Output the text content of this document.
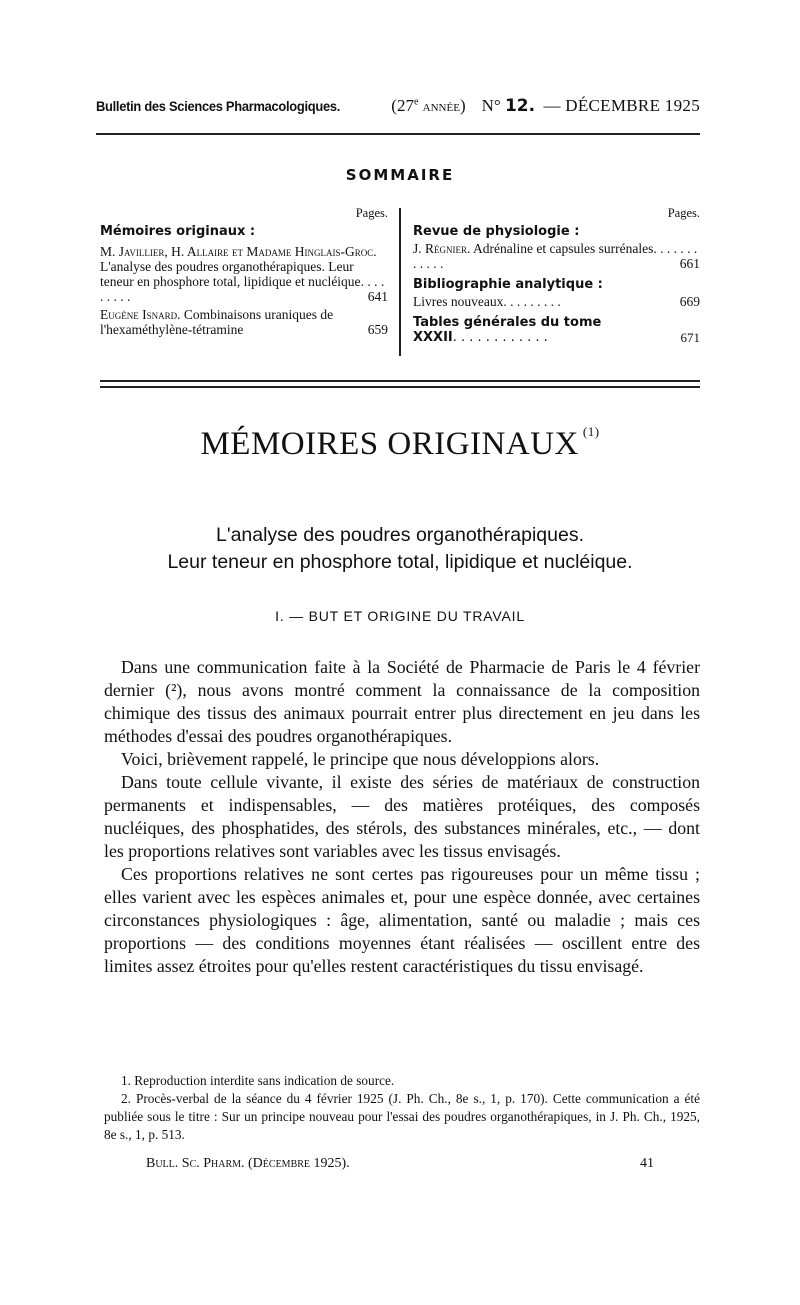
Bulletin des Sciences Pharmacologiques.	(27e année) N° 12. — DÉCEMBRE 1925
SOMMAIRE
Pages.
Mémoires originaux :
M. Javillier, H. Allaire et Madame Hinglais-Groc. L'analyse des poudres organothérapiques. Leur teneur en phosphore total, lipidique et nucléique. . . . . . . . .	641
Eugène Isnard. Combinaisons uraniques de l'hexaméthylène-tétramine	659
Pages.
Revue de physiologie :
J. Régnier. Adrénaline et capsules surrénales. . . . . . . . . . . .	661
Bibliographie analytique :
Livres nouveaux. . . . . . . . .	669
Tables générales du tome
XXXII. . . . . . . . . . . .	671
MÉMOIRES ORIGINAUX $^{(1)}$
L'analyse des poudres organothérapiques.
Leur teneur en phosphore total, lipidique et nucléique.
I. — BUT ET ORIGINE DU TRAVAIL

Dans une communication faite à la Société de Pharmacie de Paris le 4 février dernier (²), nous avons montré comment la connaissance de la composition chimique des tissus des animaux pourrait entrer plus directement en jeu dans les méthodes d'essai des poudres organothérapiques.

Voici, brièvement rappelé, le principe que nous développions alors.

Dans toute cellule vivante, il existe des séries de matériaux de construction permanents et indispensables, — des matières protéiques, des composés nucléiques, des phosphatides, des stérols, des substances minérales, etc., — dont les proportions relatives sont variables avec les tissus envisagés.

Ces proportions relatives ne sont certes pas rigoureuses pour un même tissu ; elles varient avec les espèces animales et, pour une espèce donnée, avec certaines circonstances physiologiques : âge, alimentation, santé ou maladie ; mais ces proportions — des conditions moyennes étant réalisées — oscillent entre des limites assez étroites pour qu'elles restent caractéristiques du tissu envisagé.

1. Reproduction interdite sans indication de source.

2. Procès-verbal de la séance du 4 février 1925 (J. Ph. Ch., 8e s., 1, p. 170). Cette communication a été publiée sous le titre : Sur un principe nouveau pour l'essai des poudres organothérapiques, in J. Ph. Ch., 1925, 8e s., 1, p. 513.

Bull. Sc. Pharm. (Décembre 1925).	41
